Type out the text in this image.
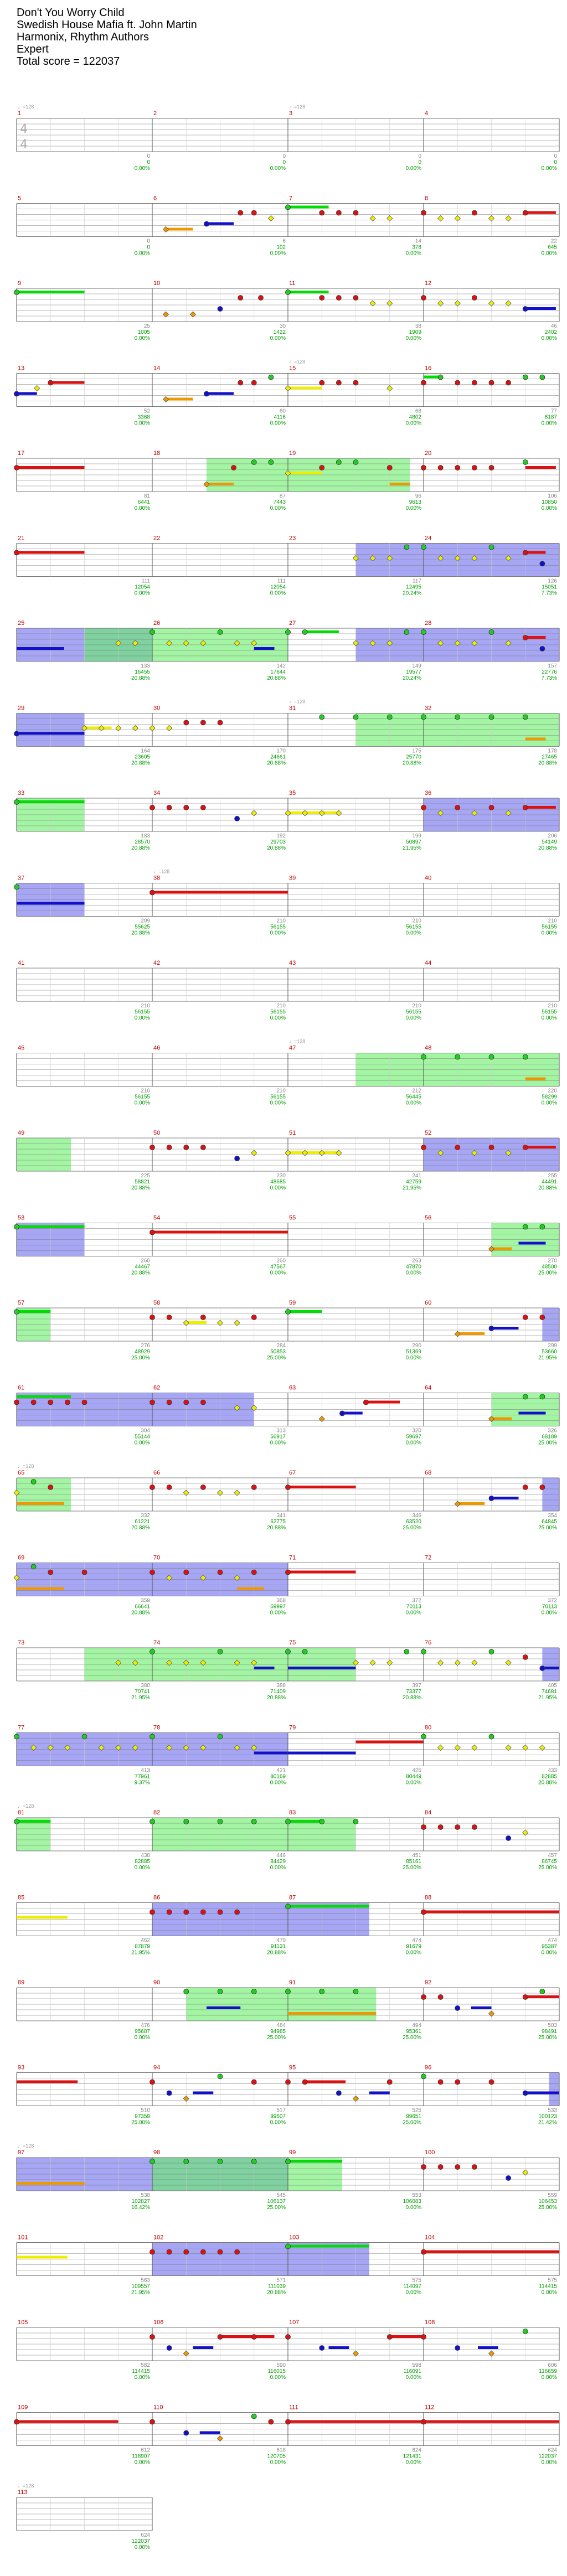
Don't You Worry Child
Swedish House Mafia ft. John Martin
Harmonix, Rhythm Authors
Expert
Total score = 122037
1
♩=128
0
0
0.00%
2
0
0
0.00%
3
♩=128
0
0
0.00%
4
0
0
0.00%
5
0
0
0.00%
6
6
102
0.00%
7
14
378
0.00%
8
22
645
0.00%
9
25
1005
0.00%
10
30
1422
0.00%
11
38
1909
0.00%
12
46
2402
0.00%
13
52
3368
0.00%
14
60
4116
0.00%
15
♩=128
68
4802
0.00%
16
77
6187
0.00%
17
81
6441
0.00%
18
87
7443
0.00%
19
96
9613
0.00%
20
106
10850
0.00%
21
111
12054
0.00%
22
111
12054
0.00%
23
117
12495
20.24%
24
126
15051
7.73%
25
133
16455
20.88%
26
142
17644
20.88%
27
149
19577
20.24%
28
157
22776
7.73%
29
164
23605
20.88%
30
170
24661
20.88%
31
♩=128
175
25770
20.88%
32
178
27465
20.88%
33
183
28570
20.88%
34
192
29703
20.88%
35
199
50897
21.95%
36
206
54149
20.88%
37
209
55625
20.88%
38
♩=128
210
56155
0.00%
39
210
56155
0.00%
40
210
56155
0.00%
41
210
56155
0.00%
42
210
56155
0.00%
43
210
56155
0.00%
44
210
56155
0.00%
45
210
56155
0.00%
46
210
56155
0.00%
47
♩=128
212
56445
0.00%
48
220
58299
0.00%
49
225
58821
20.88%
50
230
48685
0.00%
51
241
42759
21.95%
52
255
44491
20.88%
53
260
44467
20.88%
54
260
47567
0.00%
55
263
47870
0.00%
56
270
48500
25.00%
57
276
48929
25.00%
58
284
50853
25.00%
59
290
51369
0.00%
60
299
53660
21.95%
61
304
55144
0.00%
62
313
56917
0.00%
63
320
59697
0.00%
64
326
68189
25.00%
65
♩=128
332
61221
20.88%
66
341
62775
20.88%
67
346
63520
25.00%
68
354
64845
25.00%
69
359
66641
20.88%
70
368
69997
0.00%
71
372
70113
0.00%
72
372
70113
0.00%
73
380
70741
21.95%
74
388
71409
20.88%
75
397
73377
20.88%
76
405
74681
21.95%
77
413
77961
9.37%
78
421
80169
0.00%
79
425
80449
0.00%
80
433
82885
20.88%
81
♩=128
438
82885
0.00%
82
446
84429
0.00%
83
451
85161
25.00%
84
457
86745
25.00%
85
462
87879
21.95%
86
470
91131
20.88%
87
474
91679
0.00%
88
474
95387
0.00%
89
476
95687
0.00%
90
484
94985
25.00%
91
494
95361
25.00%
92
503
98491
25.00%
93
510
97359
25.00%
94
517
99607
0.00%
95
525
99651
25.00%
96
533
100123
21.42%
97
♩=128
538
102827
16.42%
98
545
106137
25.00%
99
553
106083
0.00%
100
559
106453
25.00%
101
563
109557
21.95%
102
571
111039
20.88%
103
575
114097
0.00%
104
575
114415
0.00%
105
582
114415
0.00%
106
590
116015
0.00%
107
598
116091
0.00%
108
606
116659
0.00%
109
612
118907
0.00%
110
618
120705
0.00%
111
624
121431
0.00%
112
624
122037
0.00%
113
♩=128
624
122037
0.00%
4
4
